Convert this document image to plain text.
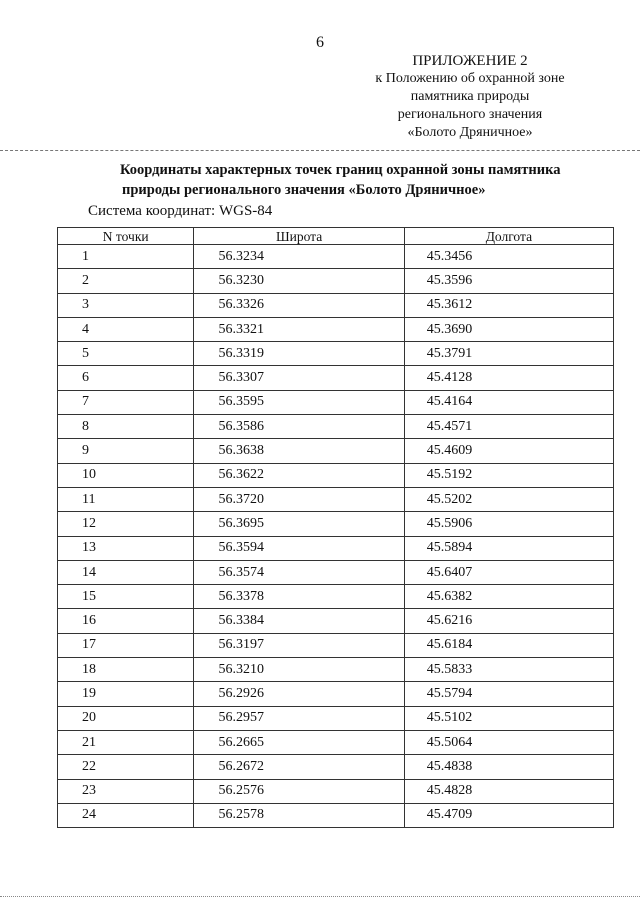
6
ПРИЛОЖЕНИЕ 2
к Положению об охранной зоне
памятника природы
регионального значения
«Болото Дряничное»
Координаты характерных точек границ охранной зоны памятника
природы регионального значения «Болото Дряничное»
Система координат: WGS-84
N точки	Широта	Долгота
1	56.3234	45.3456
2	56.3230	45.3596
3	56.3326	45.3612
4	56.3321	45.3690
5	56.3319	45.3791
6	56.3307	45.4128
7	56.3595	45.4164
8	56.3586	45.4571
9	56.3638	45.4609
10	56.3622	45.5192
11	56.3720	45.5202
12	56.3695	45.5906
13	56.3594	45.5894
14	56.3574	45.6407
15	56.3378	45.6382
16	56.3384	45.6216
17	56.3197	45.6184
18	56.3210	45.5833
19	56.2926	45.5794
20	56.2957	45.5102
21	56.2665	45.5064
22	56.2672	45.4838
23	56.2576	45.4828
24	56.2578	45.4709
